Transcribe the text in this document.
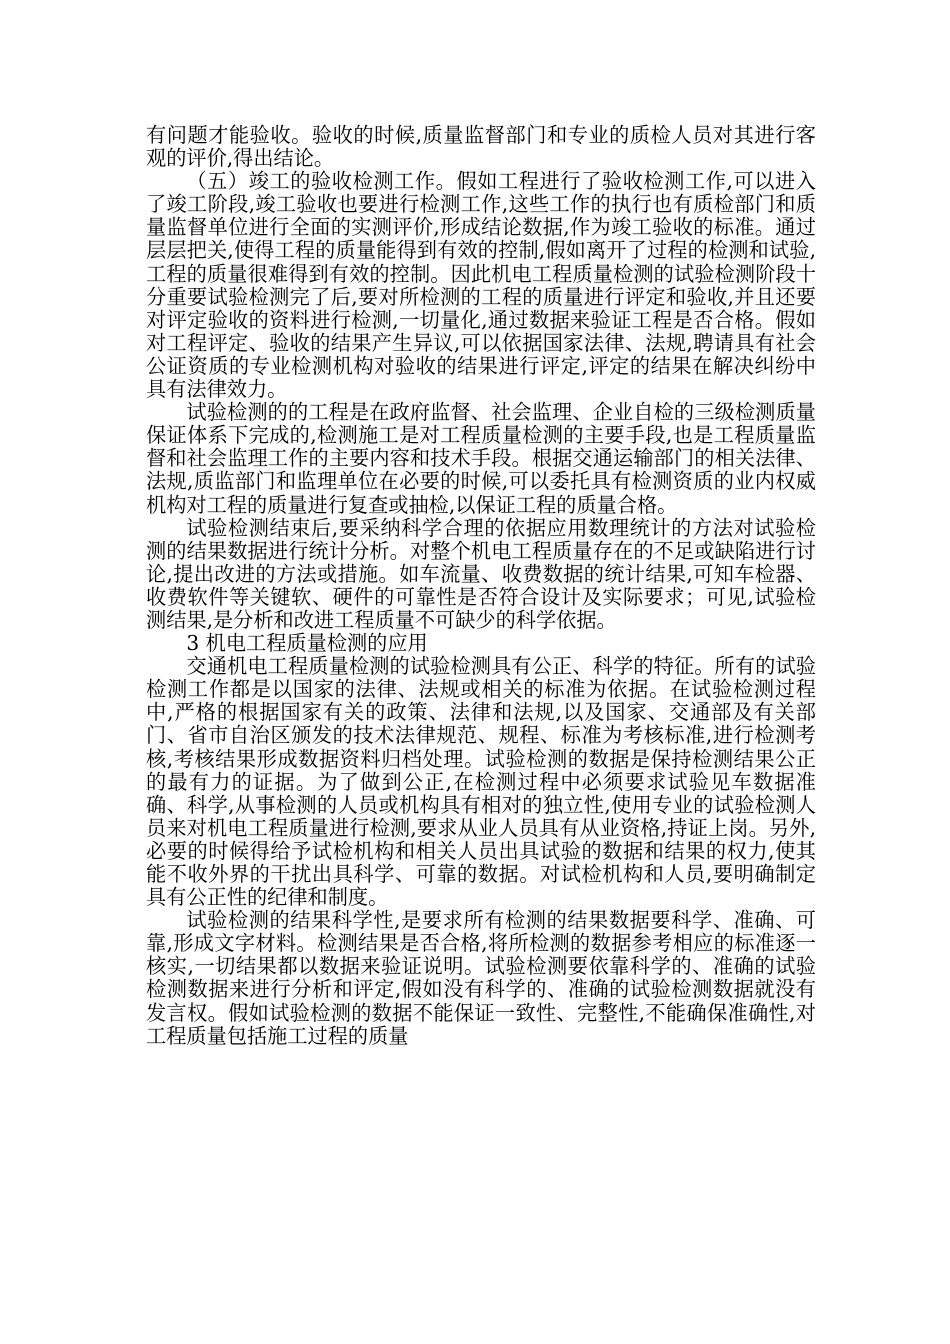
有问题才能验收。验收的时候,质量监督部门和专业的质检人员对其进行客观的评价,得出结论。

（五）竣工的验收检测工作。假如工程进行了验收检测工作,可以进入了竣工阶段,竣工验收也要进行检测工作,这些工作的执行也有质检部门和质量监督单位进行全面的实测评价,形成结论数据,作为竣工验收的标准。通过层层把关,使得工程的质量能得到有效的控制,假如离开了过程的检测和试验,工程的质量很难得到有效的控制。因此机电工程质量检测的试验检测阶段十分重要试验检测完了后,要对所检测的工程的质量进行评定和验收,并且还要对评定验收的资料进行检测,一切量化,通过数据来验证工程是否合格。假如对工程评定、验收的结果产生异议,可以依据国家法律、法规,聘请具有社会公证资质的专业检测机构对验收的结果进行评定,评定的结果在解决纠纷中具有法律效力。

试验检测的的工程是在政府监督、社会监理、企业自检的三级检测质量保证体系下完成的,检测施工是对工程质量检测的主要手段,也是工程质量监督和社会监理工作的主要内容和技术手段。根据交通运输部门的相关法律、法规,质监部门和监理单位在必要的时候,可以委托具有检测资质的业内权威机构对工程的质量进行复查或抽检,以保证工程的质量合格。

试验检测结束后,要采纳科学合理的依据应用数理统计的方法对试验检测的结果数据进行统计分析。对整个机电工程质量存在的不足或缺陷进行讨论,提出改进的方法或措施。如车流量、收费数据的统计结果,可知车检器、收费软件等关键软、硬件的可靠性是否符合设计及实际要求；可见,试验检测结果,是分析和改进工程质量不可缺少的科学依据。

3 机电工程质量检测的应用

交通机电工程质量检测的试验检测具有公正、科学的特征。所有的试验检测工作都是以国家的法律、法规或相关的标准为依据。在试验检测过程中,严格的根据国家有关的政策、法律和法规,以及国家、交通部及有关部门、省市自治区颁发的技术法律规范、规程、标准为考核标准,进行检测考核,考核结果形成数据资料归档处理。试验检测的数据是保持检测结果公正的最有力的证据。为了做到公正,在检测过程中必须要求试验见车数据准确、科学,从事检测的人员或机构具有相对的独立性,使用专业的试验检测人员来对机电工程质量进行检测,要求从业人员具有从业资格,持证上岗。另外,必要的时候得给予试检机构和相关人员出具试验的数据和结果的权力,使其能不收外界的干扰出具科学、可靠的数据。对试检机构和人员,要明确制定具有公正性的纪律和制度。

试验检测的结果科学性,是要求所有检测的结果数据要科学、准确、可靠,形成文字材料。检测结果是否合格,将所检测的数据参考相应的标准逐一核实,一切结果都以数据来验证说明。试验检测要依靠科学的、准确的试验检测数据来进行分析和评定,假如没有科学的、准确的试验检测数据就没有发言权。假如试验检测的数据不能保证一致性、完整性,不能确保准确性,对工程质量包括施工过程的质量
